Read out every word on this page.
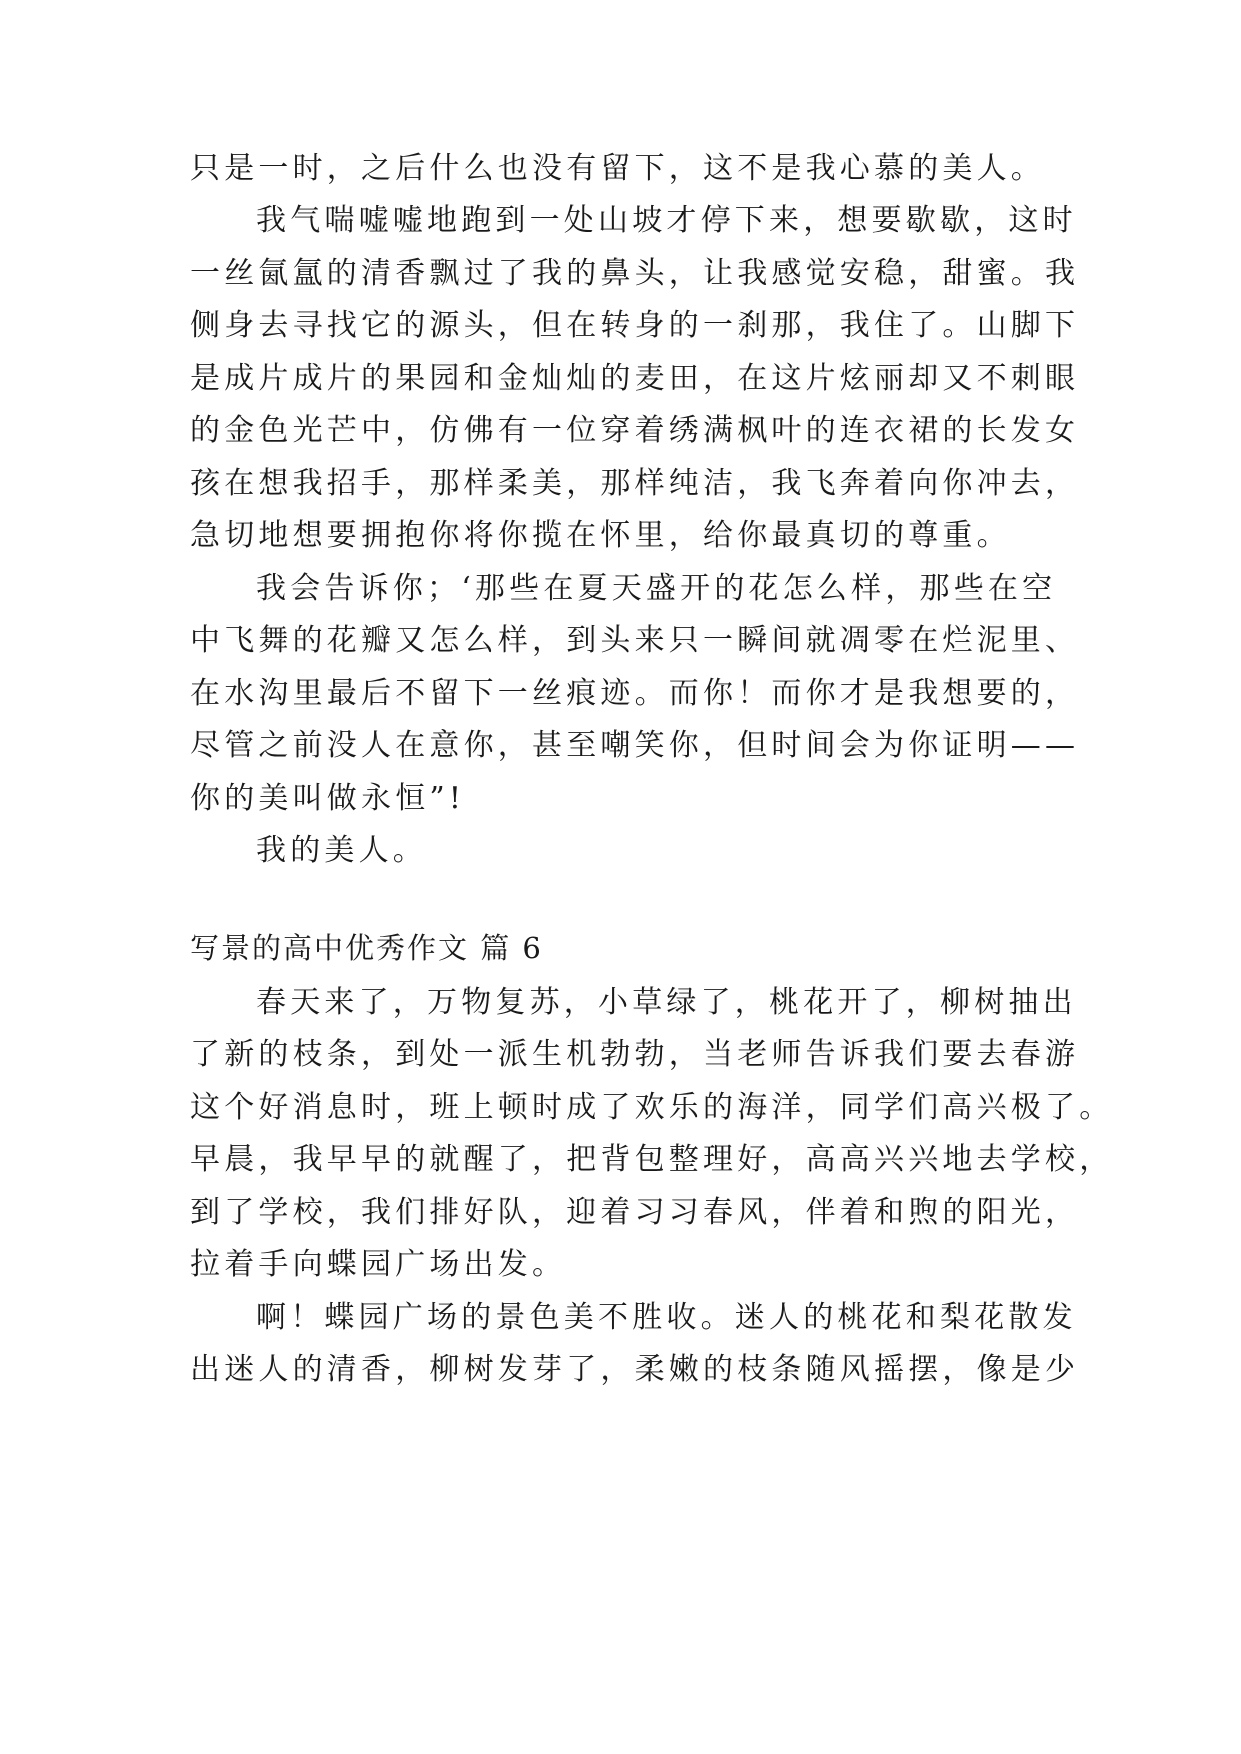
只是一时，之后什么也没有留下，这不是我心慕的美人。

我气喘嘘嘘地跑到一处山坡才停下来，想要歇歇，这时

一丝氤氲的清香飘过了我的鼻头，让我感觉安稳，甜蜜。我

侧身去寻找它的源头，但在转身的一刹那，我住了。山脚下

是成片成片的果园和金灿灿的麦田，在这片炫丽却又不刺眼

的金色光芒中，仿佛有一位穿着绣满枫叶的连衣裙的长发女

孩在想我招手，那样柔美，那样纯洁，我飞奔着向你冲去，

急切地想要拥抱你将你揽在怀里，给你最真切的尊重。

我会告诉你；‘那些在夏天盛开的花怎么样，那些在空

中飞舞的花瓣又怎么样，到头来只一瞬间就凋零在烂泥里、

在水沟里最后不留下一丝痕迹。而你！而你才是我想要的，

尽管之前没人在意你，甚至嘲笑你，但时间会为你证明——

你的美叫做永恒”!

我的美人。

写景的高中优秀作文 篇 6

春天来了，万物复苏，小草绿了，桃花开了，柳树抽出

了新的枝条，到处一派生机勃勃，当老师告诉我们要去春游

这个好消息时，班上顿时成了欢乐的海洋，同学们高兴极了。

早晨，我早早的就醒了，把背包整理好，高高兴兴地去学校，

到了学校，我们排好队，迎着习习春风，伴着和煦的阳光，

拉着手向蝶园广场出发。

啊！蝶园广场的景色美不胜收。迷人的桃花和梨花散发

出迷人的清香，柳树发芽了，柔嫩的枝条随风摇摆，像是少
